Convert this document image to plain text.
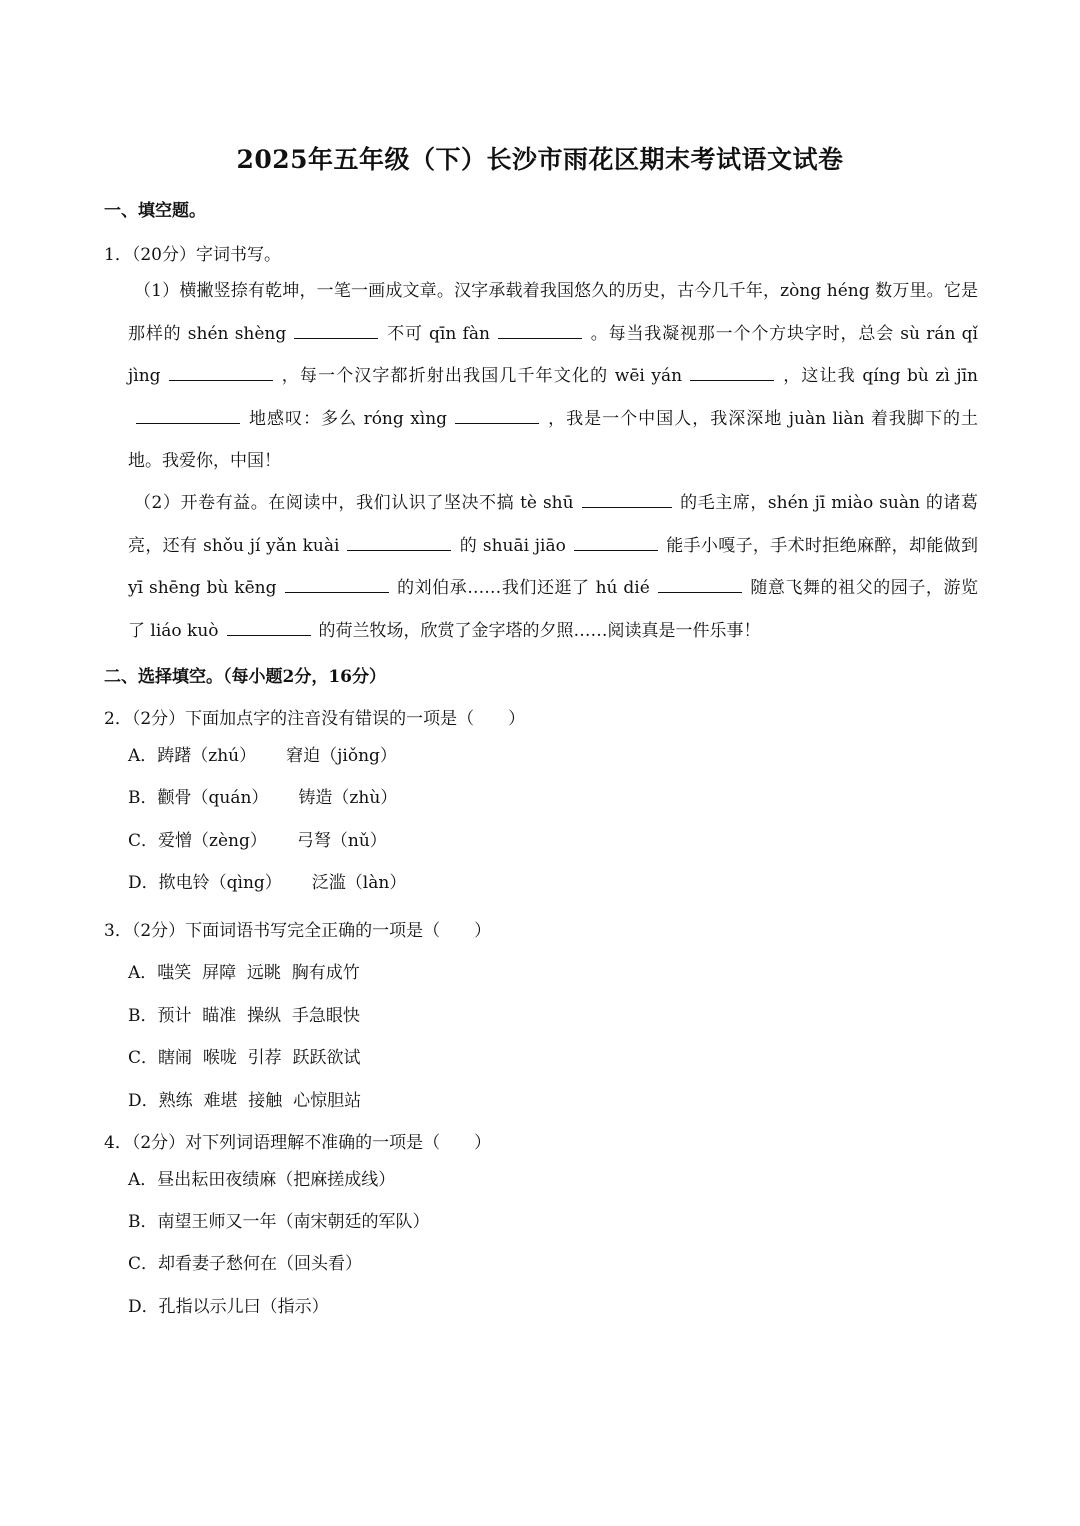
2025年五年级（下）长沙市雨花区期末考试语文试卷
一、填空题。
1．（20分）字词书写。
（1）横撇竖捺有乾坤，一笔一画成文章。汉字承载着我国悠久的历史，古今几千年，zòng héng 数万里。它是那样的 shén shèng	不可 qīn fàn	。每当我凝视那一个个方块字时，总会 sù rán qǐ jìng	，每一个汉字都折射出我国几千年文化的 wēi yán	，这让我 qíng bù zì jīn地感叹：多么 róng xìng	，我是一个中国人，我深深地 juàn liàn 着我脚下的土地。我爱你，中国！
（2）开卷有益。在阅读中，我们认识了坚决不搞 tè shū	的毛主席，shén jī miào suàn 的诸葛亮，还有 shǒu jí yǎn kuài	的 shuāi jiāo	能手小嘎子，手术时拒绝麻醉，却能做到 yī shēng bù kēng	的刘伯承……我们还逛了 hú dié	随意飞舞的祖父的园子，游览了 liáo kuò	的荷兰牧场，欣赏了金字塔的夕照……阅读真是一件乐事！
二、选择填空。（每小题2分，16分）
2．（2分）下面加点字的注音没有错误的一项是（　　）
A．踌躇（zhú） 窘迫（jiǒng）
B．颧骨（quán） 铸造（zhù）
C．爱憎（zèng） 弓弩（nǔ）
D．揿电铃（qìng） 泛滥（làn）
3．（2分）下面词语书写完全正确的一项是（　　）
A．嗤笑  屏障  远眺  胸有成竹
B．预计  瞄准  操纵  手急眼快
C．瞎闹  喉咙  引荐  跃跃欲试
D．熟练  难堪  接触  心惊胆站
4．（2分）对下列词语理解不准确的一项是（　　）
A．昼出耘田夜绩麻（把麻搓成线）
B．南望王师又一年（南宋朝廷的军队）
C．却看妻子愁何在（回头看）
D．孔指以示儿曰（指示）
